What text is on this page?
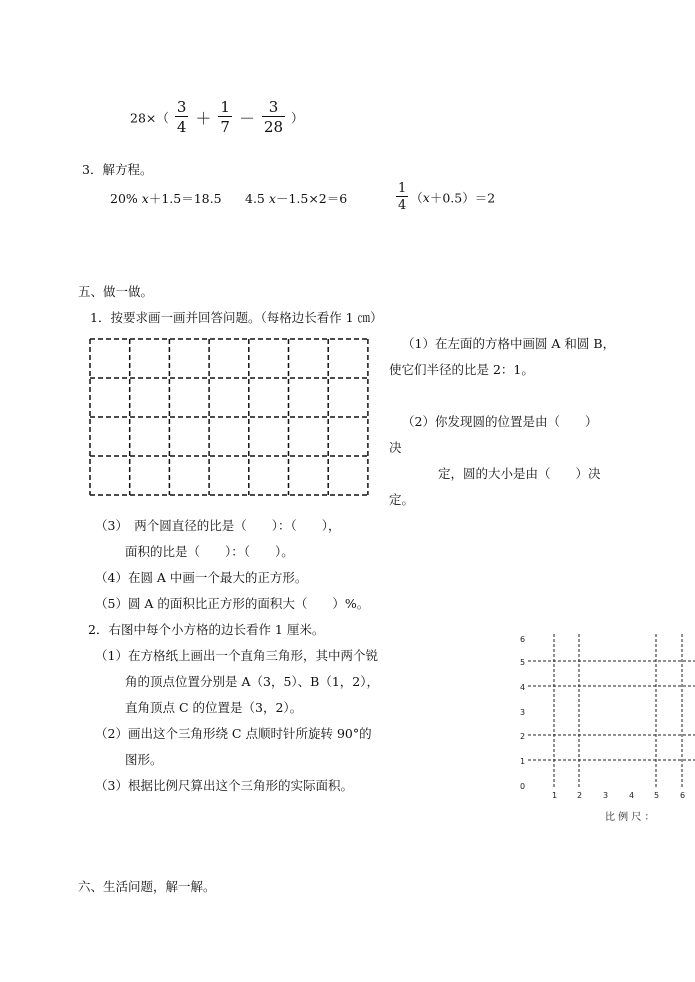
$28\times( \frac{3}{4} + \frac{1}{7} - \frac{3}{28}$ ）
3．解方程。
20% x＋1.5＝18.5 4.5 x－1.5×2＝6	$\frac{1}{4} (x+0.5)=2$
五、做一做。
1．按要求画一画并回答问题。（每格边长看作 1 ㎝）
（1）在左面的方格中画圆 A 和圆 B，
使它们半径的比是 2：1。
（2）你发现圆的位置是由（　　）
决
定，圆的大小是由（　　）决
定。
（3）　两个圆直径的比是（　　）：（　　），
面积的比是（　　）：（　　）。
（4）在圆 A 中画一个最大的正方形。
（5）圆 A 的面积比正方形的面积大（　　）%。
2．右图中每个小方格的边长看作 1 厘米。
（1）在方格纸上画出一个直角三角形，其中两个锐
角的顶点位置分别是 A（3，5）、B（1，2），
直角顶点 C 的位置是（3，2）。
（2）画出这个三角形绕 C 点顺时针所旋转 90°的
图形。
（3）根据比例尺算出这个三角形的实际面积。
6
5
4
3
2
1
0
1 2	3	4 5	6
比 例 尺 ：
六、生活问题，解一解。
